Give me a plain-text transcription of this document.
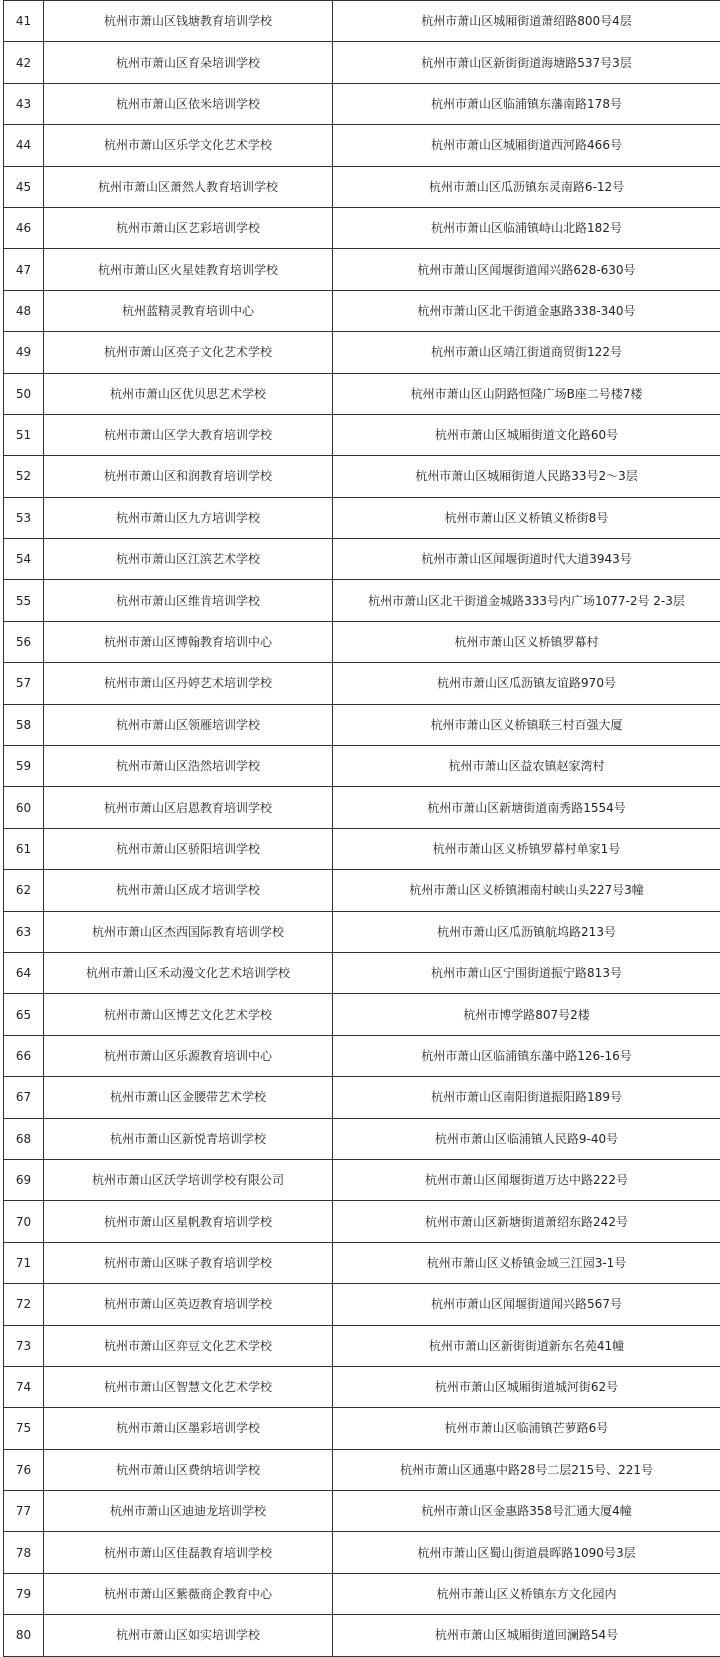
41	杭州市萧山区钱塘教育培训学校	杭州市萧山区城厢街道萧绍路800号4层
42	杭州市萧山区育朵培训学校	杭州市萧山区新街街道海塘路537号3层
43	杭州市萧山区依米培训学校	杭州市萧山区临浦镇东藩南路178号
44	杭州市萧山区乐学文化艺术学校	杭州市萧山区城厢街道西河路466号
45	杭州市萧山区萧然人教育培训学校	杭州市萧山区瓜沥镇东灵南路6-12号
46	杭州市萧山区艺彩培训学校	杭州市萧山区临浦镇峙山北路182号
47	杭州市萧山区火星娃教育培训学校	杭州市萧山区闻堰街道闻兴路628-630号
48	杭州蓝精灵教育培训中心	杭州市萧山区北干街道金惠路338-340号
49	杭州市萧山区亮子文化艺术学校	杭州市萧山区靖江街道商贸街122号
50	杭州市萧山区优贝思艺术学校	杭州市萧山区山阴路恒隆广场B座二号楼7楼
51	杭州市萧山区学大教育培训学校	杭州市萧山区城厢街道文化路60号
52	杭州市萧山区和润教育培训学校	杭州市萧山区城厢街道人民路33号2～3层
53	杭州市萧山区九方培训学校	杭州市萧山区义桥镇义桥街8号
54	杭州市萧山区江滨艺术学校	杭州市萧山区闻堰街道时代大道3943号
55	杭州市萧山区维肯培训学校	杭州市萧山区北干街道金城路333号内广场1077-2号 2-3层
56	杭州市萧山区博翰教育培训中心	杭州市萧山区义桥镇罗幕村
57	杭州市萧山区丹婷艺术培训学校	杭州市萧山区瓜沥镇友谊路970号
58	杭州市萧山区领雁培训学校	杭州市萧山区义桥镇联三村百强大厦
59	杭州市萧山区浩然培训学校	杭州市萧山区益农镇赵家湾村
60	杭州市萧山区启恩教育培训学校	杭州市萧山区新塘街道南秀路1554号
61	杭州市萧山区骄阳培训学校	杭州市萧山区义桥镇罗幕村单家1号
62	杭州市萧山区成才培训学校	杭州市萧山区义桥镇湘南村峡山头227号3幢
63	杭州市萧山区杰西国际教育培训学校	杭州市萧山区瓜沥镇航坞路213号
64	杭州市萧山区禾动漫文化艺术培训学校	杭州市萧山区宁围街道振宁路813号
65	杭州市萧山区博艺文化艺术学校	杭州市博学路807号2楼
66	杭州市萧山区乐源教育培训中心	杭州市萧山区临浦镇东藩中路126-16号
67	杭州市萧山区金腰带艺术学校	杭州市萧山区南阳街道振阳路189号
68	杭州市萧山区新悦青培训学校	杭州市萧山区临浦镇人民路9-40号
69	杭州市萧山区沃学培训学校有限公司	杭州市萧山区闻堰街道万达中路222号
70	杭州市萧山区星帆教育培训学校	杭州市萧山区新塘街道萧绍东路242号
71	杭州市萧山区咪子教育培训学校	杭州市萧山区义桥镇金域三江园3-1号
72	杭州市萧山区英迈教育培训学校	杭州市萧山区闻堰街道闻兴路567号
73	杭州市萧山区弈豆文化艺术学校	杭州市萧山区新街街道新东名苑41幢
74	杭州市萧山区智慧文化艺术学校	杭州市萧山区城厢街道城河街62号
75	杭州市萧山区墨彩培训学校	杭州市萧山区临浦镇芒萝路6号
76	杭州市萧山区费纳培训学校	杭州市萧山区通惠中路28号二层215号、221号
77	杭州市萧山区迪迪龙培训学校	杭州市萧山区金惠路358号汇通大厦4幢
78	杭州市萧山区佳磊教育培训学校	杭州市萧山区蜀山街道晨晖路1090号3层
79	杭州市萧山区紫薇商企教育中心	杭州市萧山区义桥镇东方文化园内
80	杭州市萧山区如实培训学校	杭州市萧山区城厢街道回澜路54号
